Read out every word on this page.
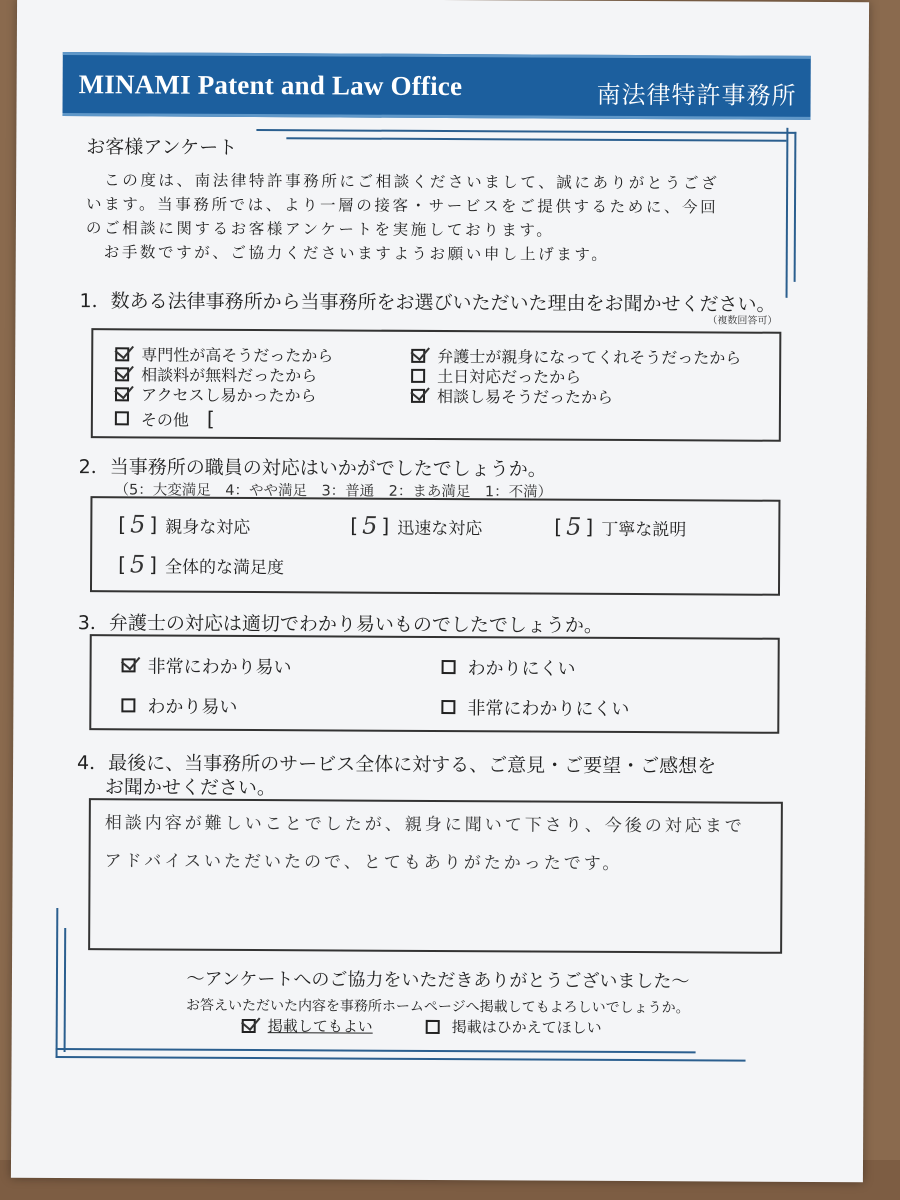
MINAMI Patent and Law Office	南法律特許事務所
お客様アンケート
この度は、南法律特許事務所にご相談くださいまして、誠にありがとうござ
います。当事務所では、より一層の接客・サービスをご提供するために、今回
のご相談に関するお客様アンケートを実施しております。
お手数ですが、ご協力くださいますようお願い申し上げます。
1．数ある法律事務所から当事務所をお選びいただいた理由をお聞かせください。
（複数回答可）
専門性が高そうだったから	弁護士が親身になってくれそうだったから
相談料が無料だったから	土日対応だったから
アクセスし易かったから	相談し易そうだったから
その他 [
2．当事務所の職員の対応はいかがでしたでしょうか。
（5：大変満足　4：やや満足　3：普通　2：まあ満足　1：不満）
[ 5 ] 親身な対応	[ 5 ] 迅速な対応	[ 5 ] 丁寧な説明
[ 5 ] 全体的な満足度
3．弁護士の対応は適切でわかり易いものでしたでしょうか。
非常にわかり易い	わかりにくい
わかり易い	非常にわかりにくい
4．最後に、当事務所のサービス全体に対する、ご意見・ご要望・ご感想を
お聞かせください。
相談内容が難しいことでしたが、親身に聞いて下さり、今後の対応まで
アドバイスいただいたので、とてもありがたかったです。
～アンケートへのご協力をいただきありがとうございました～
お答えいただいた内容を事務所ホームページへ掲載してもよろしいでしょうか。
掲載してもよい	掲載はひかえてほしい
